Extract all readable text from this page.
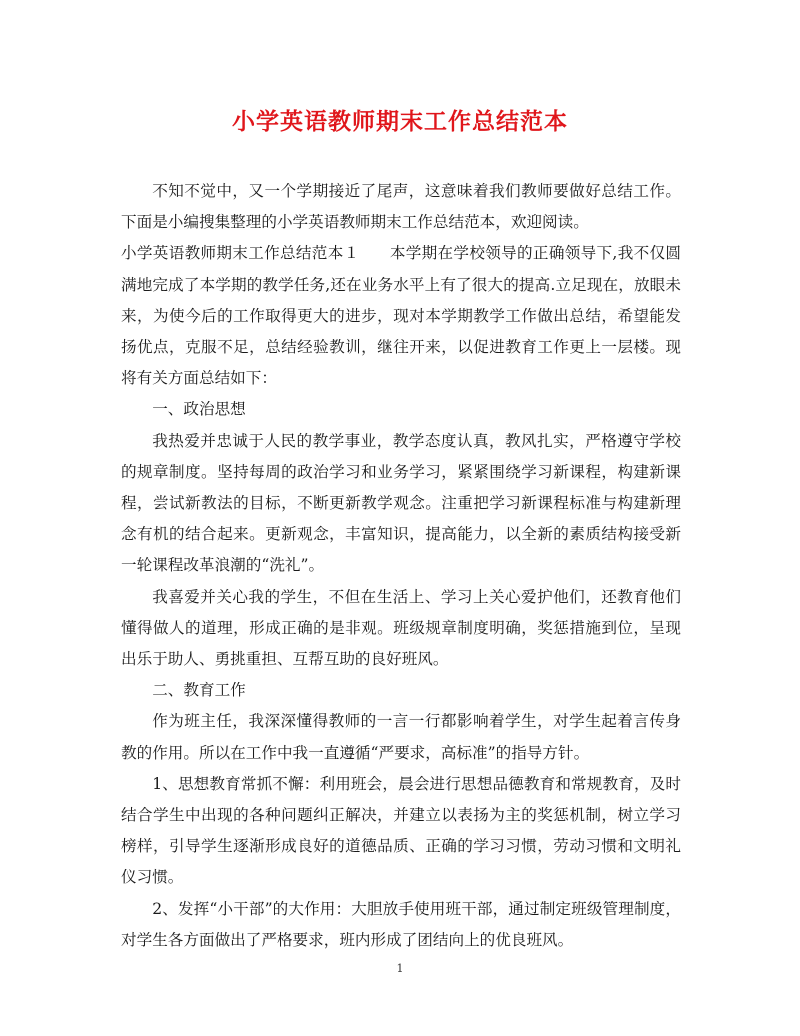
小学英语教师期末工作总结范本

不知不觉中，又一个学期接近了尾声，这意味着我们教师要做好总结工作。下面是小编搜集整理的小学英语教师期末工作总结范本，欢迎阅读。

小学英语教师期末工作总结范本１ 本学期在学校领导的正确领导下,我不仅圆满地完成了本学期的教学任务,还在业务水平上有了很大的提高.立足现在，放眼未来，为使今后的工作取得更大的进步，现对本学期教学工作做出总结，希望能发扬优点，克服不足，总结经验教训，继往开来，以促进教育工作更上一层楼。现将有关方面总结如下：

一、政治思想

我热爱并忠诚于人民的教学事业，教学态度认真，教风扎实，严格遵守学校的规章制度。坚持每周的政治学习和业务学习，紧紧围绕学习新课程，构建新课程，尝试新教法的目标，不断更新教学观念。注重把学习新课程标准与构建新理念有机的结合起来。更新观念，丰富知识，提高能力，以全新的素质结构接受新一轮课程改革浪潮的“洗礼”。

我喜爱并关心我的学生，不但在生活上、学习上关心爱护他们，还教育他们懂得做人的道理，形成正确的是非观。班级规章制度明确，奖惩措施到位，呈现出乐于助人、勇挑重担、互帮互助的良好班风。

二、教育工作

作为班主任，我深深懂得教师的一言一行都影响着学生，对学生起着言传身教的作用。所以在工作中我一直遵循“严要求，高标准”的指导方针。

1、思想教育常抓不懈：利用班会，晨会进行思想品德教育和常规教育，及时结合学生中出现的各种问题纠正解决，并建立以表扬为主的奖惩机制，树立学习榜样，引导学生逐渐形成良好的道德品质、正确的学习习惯，劳动习惯和文明礼仪习惯。

2、发挥“小干部”的大作用：大胆放手使用班干部，通过制定班级管理制度，对学生各方面做出了严格要求，班内形成了团结向上的优良班风。

1
